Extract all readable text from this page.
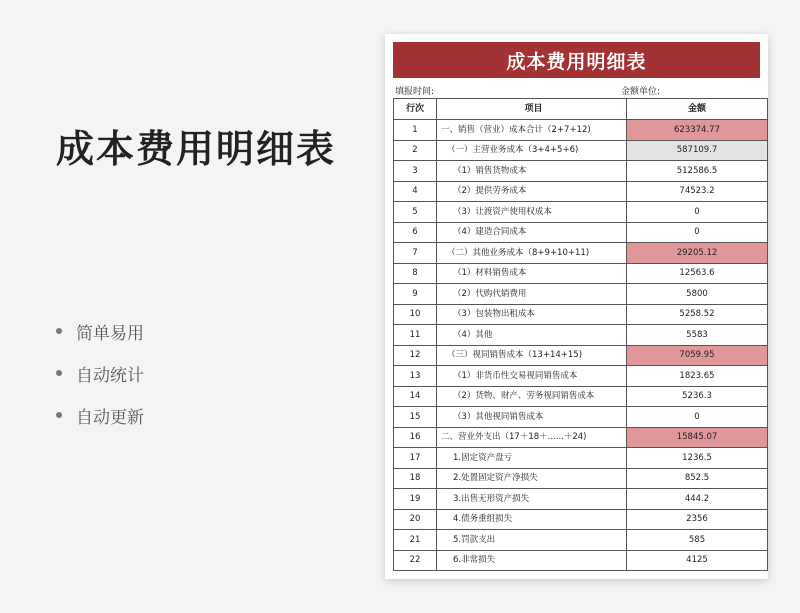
成本费用明细表
简单易用
自动统计
自动更新
成本费用明细表
填报时间:	金额单位:
行次	项目	金额
1	一、销售（营业）成本合计（2+7+12)	623374.77
2	（一）主营业务成本（3+4+5+6)	587109.7
3	（1）销售货物成本	512586.5
4	（2）提供劳务成本	74523.2
5	（3）让渡资产使用权成本	0
6	（4）建造合同成本	0
7	（二）其他业务成本（8+9+10+11)	29205.12
8	（1）材料销售成本	12563.6
9	（2）代购代销费用	5800
10	（3）包装物出租成本	5258.52
11	（4）其他	5583
12	（三）视同销售成本（13+14+15)	7059.95
13	（1）非货币性交易视同销售成本	1823.65
14	（2）货物、财产、劳务视同销售成本	5236.3
15	（3）其他视同销售成本	0
16	二、营业外支出（17＋18＋......＋24)	15845.07
17	1.固定资产盘亏	1236.5
18	2.处置固定资产净损失	852.5
19	3.出售无形资产损失	444.2
20	4.债务重组损失	2356
21	5.罚款支出	585
22	6.非常损失	4125
